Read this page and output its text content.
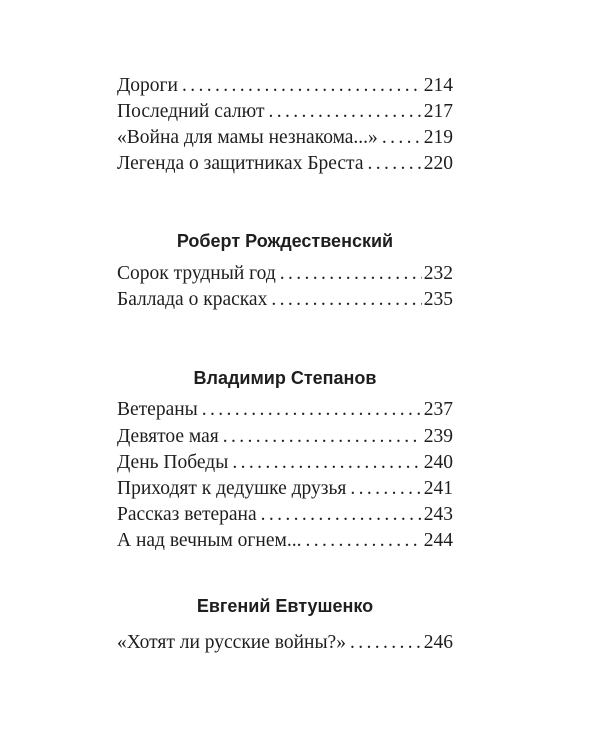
Дороги . . .	214
Последний салют . . .	217
«Война для мамы незнакома...» . . . 219
Легенда о защитниках Бреста . . .	220
Роберт Рождественский
Сорок трудный год . . .	232
Баллада о красках . . .	235
Владимир Степанов
Ветераны . . .	237
Девятое мая . . .	239
День Победы . . .	240
Приходят к дедушке друзья . . .	241
Рассказ ветерана . . .	243
А над вечным огнем... . . .	244
Евгений Евтушенко
«Хотят ли русские войны?» . . .	246
